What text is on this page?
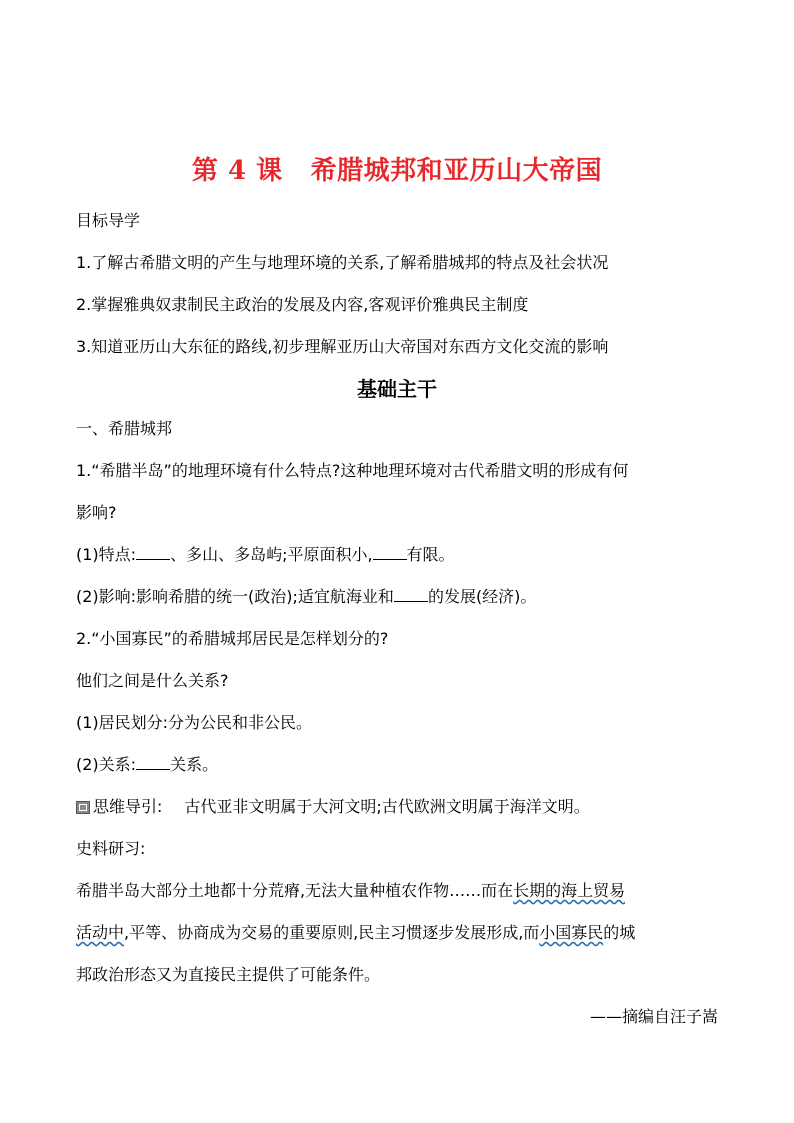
第 4 课 希腊城邦和亚历山大帝国
目标导学
1.了解古希腊文明的产生与地理环境的关系,了解希腊城邦的特点及社会状况
2.掌握雅典奴隶制民主政治的发展及内容,客观评价雅典民主制度
3.知道亚历山大东征的路线,初步理解亚历山大帝国对东西方文化交流的影响
基础主干
一、希腊城邦
1.“希腊半岛”的地理环境有什么特点?这种地理环境对古代希腊文明的形成有何
影响?
(1)特点: 、多山、多岛屿;平原面积小, 有限。
(2)影响:影响希腊的统一(政治);适宜航海业和 的发展(经济)。
2.“小国寡民”的希腊城邦居民是怎样划分的?
他们之间是什么关系?
(1)居民划分:分为公民和非公民。
(2)关系: 关系。
思维导引: 古代亚非文明属于大河文明;古代欧洲文明属于海洋文明。
史料研习:
希腊半岛大部分土地都十分荒瘠,无法大量种植农作物……而在长期的海上贸易
活动中,平等、协商成为交易的重要原则,民主习惯逐步发展形成,而小国寡民的城
邦政治形态又为直接民主提供了可能条件。
——摘编自汪子嵩
